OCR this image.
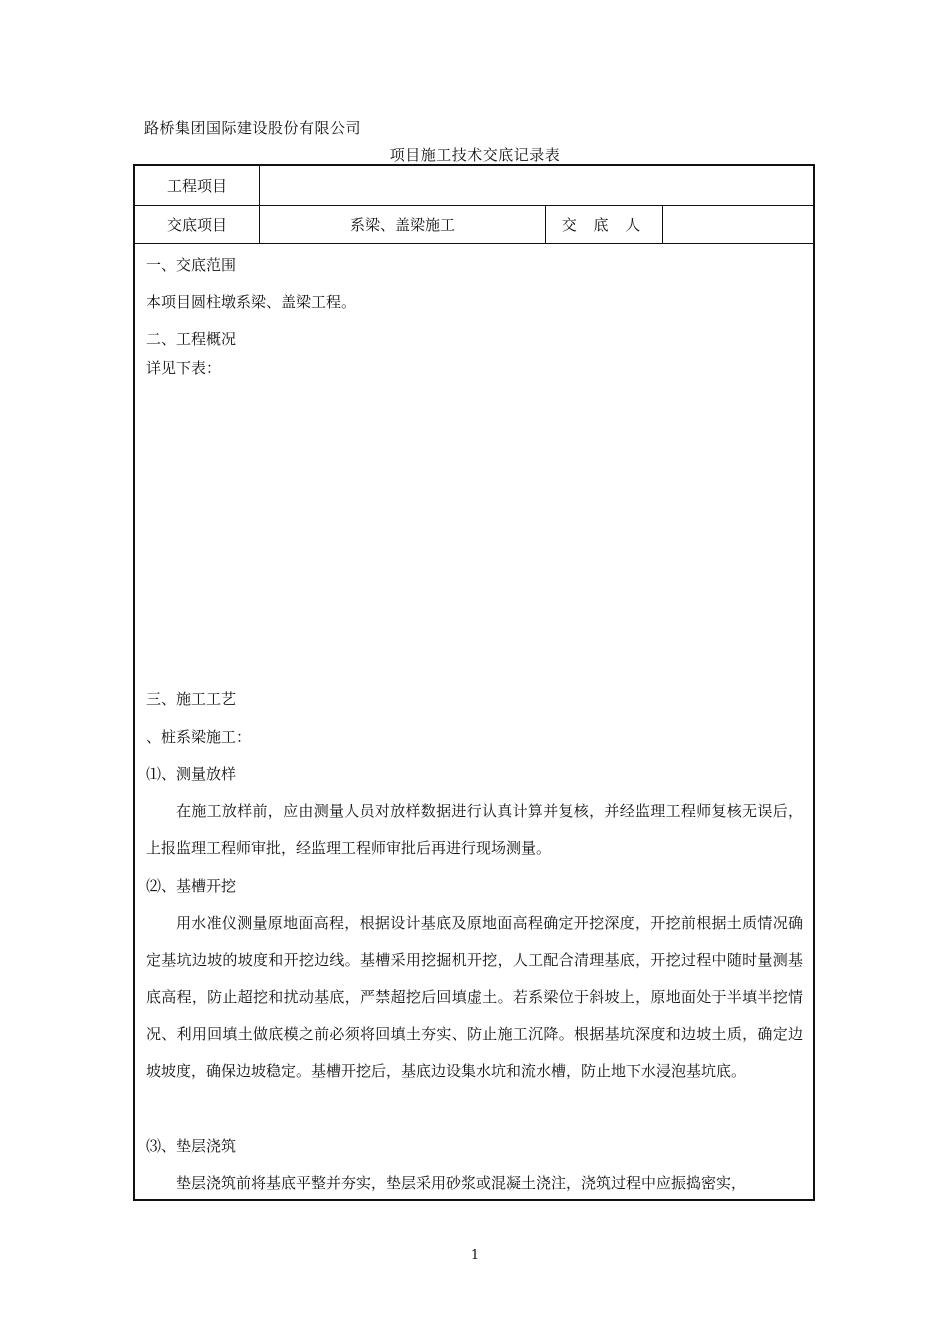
路桥集团国际建设股份有限公司
项目施工技术交底记录表
工程项目
交底项目	系梁、盖梁施工	交 底 人
一、交底范围
本项目圆柱墩系梁、盖梁工程。
二、工程概况
详见下表：
三、施工工艺
、桩系梁施工：
⑴、测量放样
在施工放样前，应由测量人员对放样数据进行认真计算并复核，并经监理工程师复核无误后，上报监理工程师审批，经监理工程师审批后再进行现场测量。
⑵、基槽开挖
用水准仪测量原地面高程，根据设计基底及原地面高程确定开挖深度，开挖前根据土质情况确定基坑边坡的坡度和开挖边线。基槽采用挖掘机开挖，人工配合清理基底，开挖过程中随时量测基底高程，防止超挖和扰动基底，严禁超挖后回填虚土。若系梁位于斜坡上，原地面处于半填半挖情况、利用回填土做底模之前必须将回填土夯实、防止施工沉降。根据基坑深度和边坡土质，确定边坡坡度，确保边坡稳定。基槽开挖后，基底边设集水坑和流水槽，防止地下水浸泡基坑底。
⑶、垫层浇筑
垫层浇筑前将基底平整并夯实，垫层采用砂浆或混凝土浇注，浇筑过程中应振捣密实，
1
